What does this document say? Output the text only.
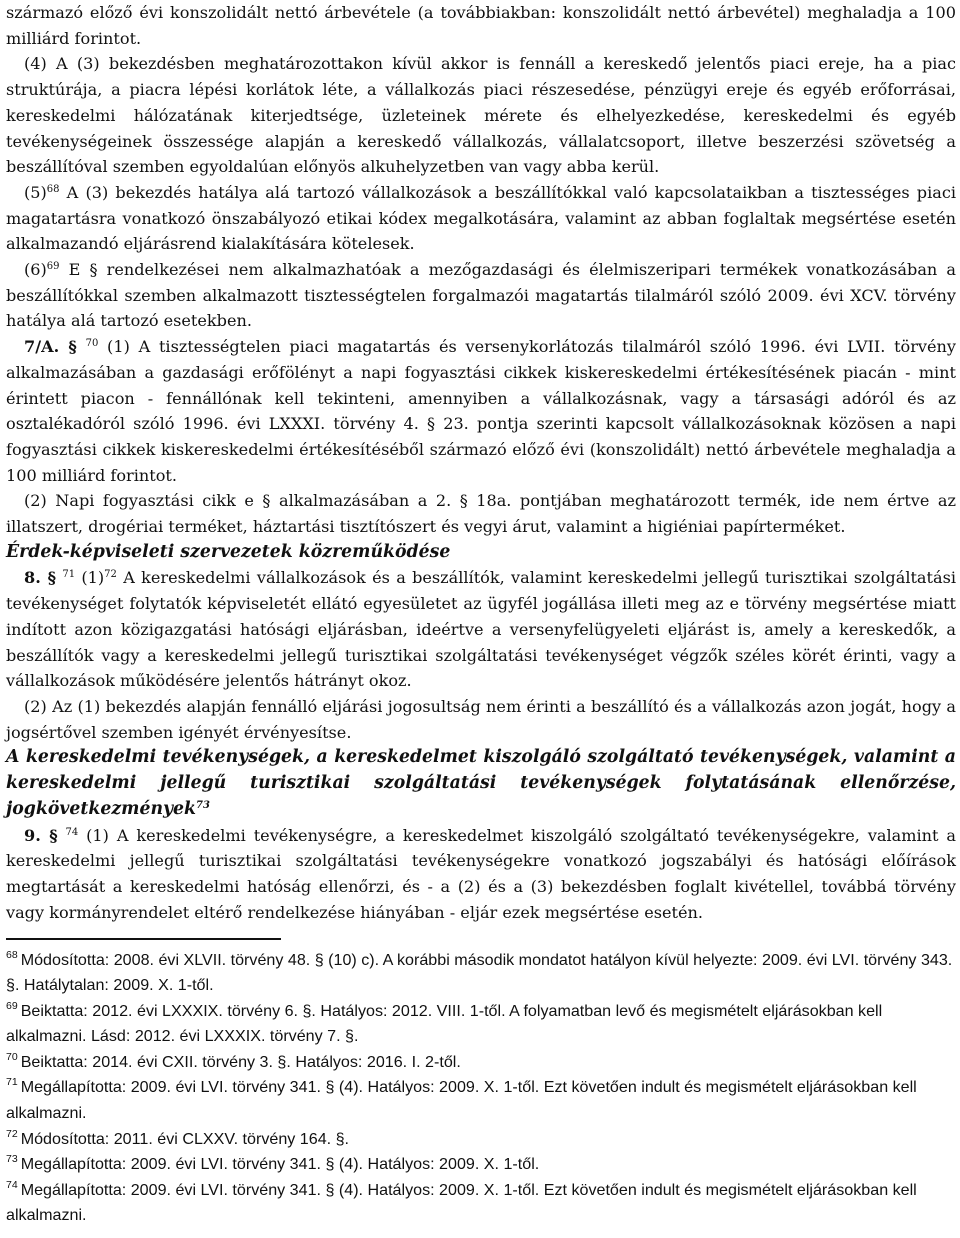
származó előző évi konszolidált nettó árbevétele (a továbbiakban: konszolidált nettó árbevétel) meghaladja a 100 milliárd forintot.

(4) A (3) bekezdésben meghatározottakon kívül akkor is fennáll a kereskedő jelentős piaci ereje, ha a piac struktúrája, a piacra lépési korlátok léte, a vállalkozás piaci részesedése, pénzügyi ereje és egyéb erőforrásai, kereskedelmi hálózatának kiterjedtsége, üzleteinek mérete és elhelyezkedése, kereskedelmi és egyéb tevékenységeinek összessége alapján a kereskedő vállalkozás, vállalatcsoport, illetve beszerzési szövetség a beszállítóval szemben egyoldalúan előnyös alkuhelyzetben van vagy abba kerül.

$(5)^{68}$ A (3) bekezdés hatálya alá tartozó vállalkozások a beszállítókkal való kapcsolataikban a tisztességes piaci magatartásra vonatkozó önszabályozó etikai kódex megalkotására, valamint az abban foglaltak megsértése esetén alkalmazandó eljárásrend kialakítására kötelesek.

$(6)^{69}$ E § rendelkezései nem alkalmazhatóak a mezőgazdasági és élelmiszeripari termékek vonatkozásában a beszállítókkal szemben alkalmazott tisztességtelen forgalmazói magatartás tilalmáról szóló 2009. évi XCV. törvény hatálya alá tartozó esetekben.

7/A. § $^{70}$ (1) A tisztességtelen piaci magatartás és versenykorlátozás tilalmáról szóló 1996. évi LVII. törvény alkalmazásában a gazdasági erőfölényt a napi fogyasztási cikkek kiskereskedelmi értékesítésének piacán - mint érintett piacon - fennállónak kell tekinteni, amennyiben a vállalkozásnak, vagy a társasági adóról és az osztalékadóról szóló 1996. évi LXXXI. törvény 4. § 23. pontja szerinti kapcsolt vállalkozásoknak közösen a napi fogyasztási cikkek kiskereskedelmi értékesítéséből származó előző évi (konszolidált) nettó árbevétele meghaladja a 100 milliárd forintot.

(2) Napi fogyasztási cikk e § alkalmazásában a 2. § 18a. pontjában meghatározott termék, ide nem értve az illatszert, drogériai terméket, háztartási tisztítószert és vegyi árut, valamint a higiéniai papírterméket.

Érdek-képviseleti szervezetek közreműködése

8. § $^{71}$ $(1)^{72}$ A kereskedelmi vállalkozások és a beszállítók, valamint kereskedelmi jellegű turisztikai szolgáltatási tevékenységet folytatók képviseletét ellátó egyesületet az ügyfél jogállása illeti meg az e törvény megsértése miatt indított azon közigazgatási hatósági eljárásban, ideértve a versenyfelügyeleti eljárást is, amely a kereskedők, a beszállítók vagy a kereskedelmi jellegű turisztikai szolgáltatási tevékenységet végzők széles körét érinti, vagy a vállalkozások működésére jelentős hátrányt okoz.

(2) Az (1) bekezdés alapján fennálló eljárási jogosultság nem érinti a beszállító és a vállalkozás azon jogát, hogy a jogsértővel szemben igényét érvényesítse.

A kereskedelmi tevékenységek, a kereskedelmet kiszolgáló szolgáltató tevékenységek, valamint a kereskedelmi jellegű turisztikai szolgáltatási tevékenységek folytatásának ellenőrzése, jogkövetkezmények$^{73}$

9. § $^{74}$ (1) A kereskedelmi tevékenységre, a kereskedelmet kiszolgáló szolgáltató tevékenységekre, valamint a kereskedelmi jellegű turisztikai szolgáltatási tevékenységekre vonatkozó jogszabályi és hatósági előírások megtartását a kereskedelmi hatóság ellenőrzi, és - a (2) és a (3) bekezdésben foglalt kivétellel, továbbá törvény vagy kormányrendelet eltérő rendelkezése hiányában - eljár ezek megsértése esetén.

$^{68}$ Módosította: 2008. évi XLVII. törvény 48. § (10) c). A korábbi második mondatot hatályon kívül helyezte: 2009. évi LVI. törvény 343. §. Hatálytalan: 2009. X. 1-től.

$^{69}$ Beiktatta: 2012. évi LXXXIX. törvény 6. §. Hatályos: 2012. VIII. 1-től. A folyamatban levő és megismételt eljárásokban kell alkalmazni. Lásd: 2012. évi LXXXIX. törvény 7. §.

$^{70}$ Beiktatta: 2014. évi CXII. törvény 3. §. Hatályos: 2016. I. 2-től.

$^{71}$ Megállapította: 2009. évi LVI. törvény 341. § (4). Hatályos: 2009. X. 1-től. Ezt követően indult és megismételt eljárásokban kell alkalmazni.

$^{72}$ Módosította: 2011. évi CLXXV. törvény 164. §.

$^{73}$ Megállapította: 2009. évi LVI. törvény 341. § (4). Hatályos: 2009. X. 1-től.

$^{74}$ Megállapította: 2009. évi LVI. törvény 341. § (4). Hatályos: 2009. X. 1-től. Ezt követően indult és megismételt eljárásokban kell alkalmazni.
